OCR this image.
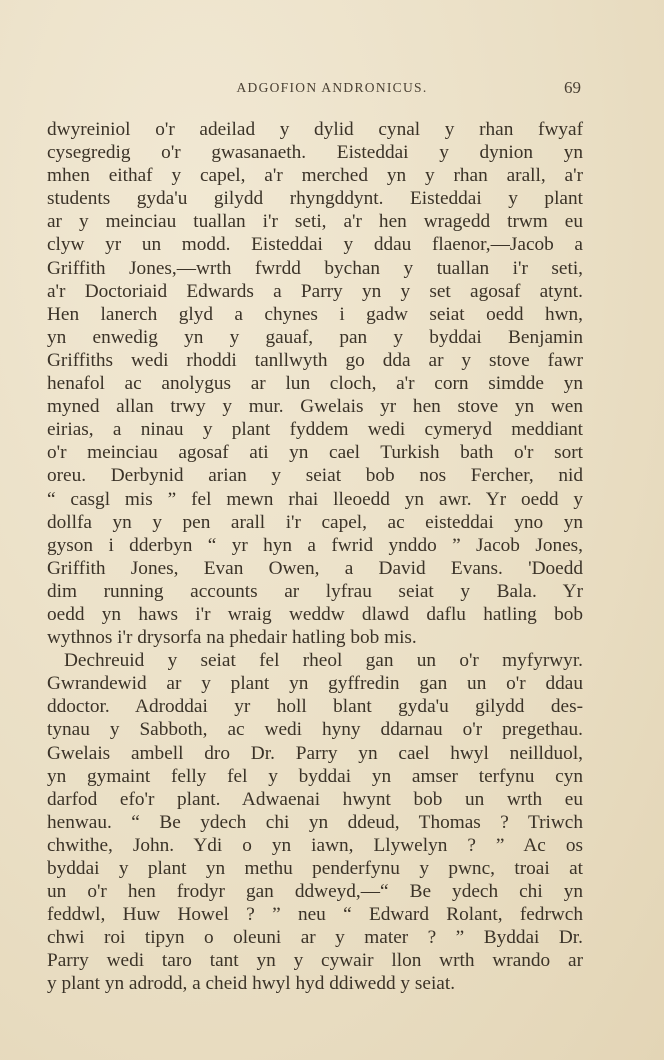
ADGOFION ANDRONICUS.	69
dwyreiniol o'r adeilad y dylid cynal y rhan fwyaf
cysegredig o'r gwasanaeth. Eisteddai y dynion yn
mhen eithaf y capel, a'r merched yn y rhan arall, a'r
students gyda'u gilydd rhyngddynt. Eisteddai y plant
ar y meinciau tuallan i'r seti, a'r hen wragedd trwm eu
clyw yr un modd. Eisteddai y ddau flaenor,—Jacob a
Griffith Jones,—wrth fwrdd bychan y tuallan i'r seti,
a'r Doctoriaid Edwards a Parry yn y set agosaf atynt.
Hen lanerch glyd a chynes i gadw seiat oedd hwn,
yn enwedig yn y gauaf, pan y byddai Benjamin
Griffiths wedi rhoddi tanllwyth go dda ar y stove fawr
henafol ac anolygus ar lun cloch, a'r corn simdde yn
myned allan trwy y mur. Gwelais yr hen stove yn wen
eirias, a ninau y plant fyddem wedi cymeryd meddiant
o'r meinciau agosaf ati yn cael Turkish bath o'r sort
oreu. Derbynid arian y seiat bob nos Fercher, nid
“ casgl mis ” fel mewn rhai lleoedd yn awr. Yr oedd y
dollfa yn y pen arall i'r capel, ac eisteddai yno yn
gyson i dderbyn “ yr hyn a fwrid ynddo ” Jacob Jones,
Griffith Jones, Evan Owen, a David Evans. 'Doedd
dim running accounts ar lyfrau seiat y Bala. Yr
oedd yn haws i'r wraig weddw dlawd daflu hatling bob
wythnos i'r drysorfa na phedair hatling bob mis.
Dechreuid y seiat fel rheol gan un o'r myfyrwyr.
Gwrandewid ar y plant yn gyffredin gan un o'r ddau
ddoctor. Adroddai yr holl blant gyda'u gilydd des-
tynau y Sabboth, ac wedi hyny ddarnau o'r pregethau.
Gwelais ambell dro Dr. Parry yn cael hwyl neillduol,
yn gymaint felly fel y byddai yn amser terfynu cyn
darfod efo'r plant. Adwaenai hwynt bob un wrth eu
henwau. “ Be ydech chi yn ddeud, Thomas ? Triwch
chwithe, John. Ydi o yn iawn, Llywelyn ? ” Ac os
byddai y plant yn methu penderfynu y pwnc, troai at
un o'r hen frodyr gan ddweyd,—“ Be ydech chi yn
feddwl, Huw Howel ? ” neu “ Edward Rolant, fedrwch
chwi roi tipyn o oleuni ar y mater ? ” Byddai Dr.
Parry wedi taro tant yn y cywair llon wrth wrando ar
y plant yn adrodd, a cheid hwyl hyd ddiwedd y seiat.
